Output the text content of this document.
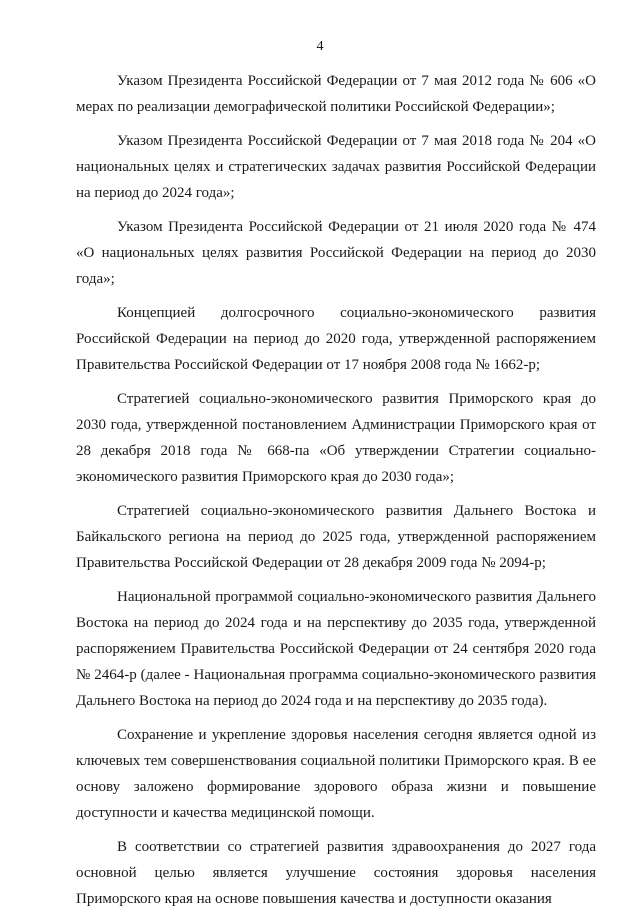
4

Указом Президента Российской Федерации от 7 мая 2012 года № 606 «О мерах по реализации демографической политики Российской Федерации»;

Указом Президента Российской Федерации от 7 мая 2018 года № 204 «О национальных целях и стратегических задачах развития Российской Федерации на период до 2024 года»;

Указом Президента Российской Федерации от 21 июля 2020 года № 474 «О национальных целях развития Российской Федерации на период до 2030 года»;

Концепцией долгосрочного социально-экономического развития Российской Федерации на период до 2020 года, утвержденной распоряжением Правительства Российской Федерации от 17 ноября 2008 года № 1662-р;

Стратегией социально-экономического развития Приморского края до 2030 года, утвержденной постановлением Администрации Приморского края от 28 декабря 2018 года № 668-па «Об утверждении Стратегии социально-экономического развития Приморского края до 2030 года»;

Стратегией социально-экономического развития Дальнего Востока и Байкальского региона на период до 2025 года, утвержденной распоряжением Правительства Российской Федерации от 28 декабря 2009 года № 2094-р;

Национальной программой социально-экономического развития Дальнего Востока на период до 2024 года и на перспективу до 2035 года, утвержденной распоряжением Правительства Российской Федерации от 24 сентября 2020 года № 2464-р (далее - Национальная программа социально-экономического развития Дальнего Востока на период до 2024 года и на перспективу до 2035 года).

Сохранение и укрепление здоровья населения сегодня является одной из ключевых тем совершенствования социальной политики Приморского края. В ее основу заложено формирование здорового образа жизни и повышение доступности и качества медицинской помощи.

В соответствии со стратегией развития здравоохранения до 2027 года основной целью является улучшение состояния здоровья населения Приморского края на основе повышения качества и доступности оказания
